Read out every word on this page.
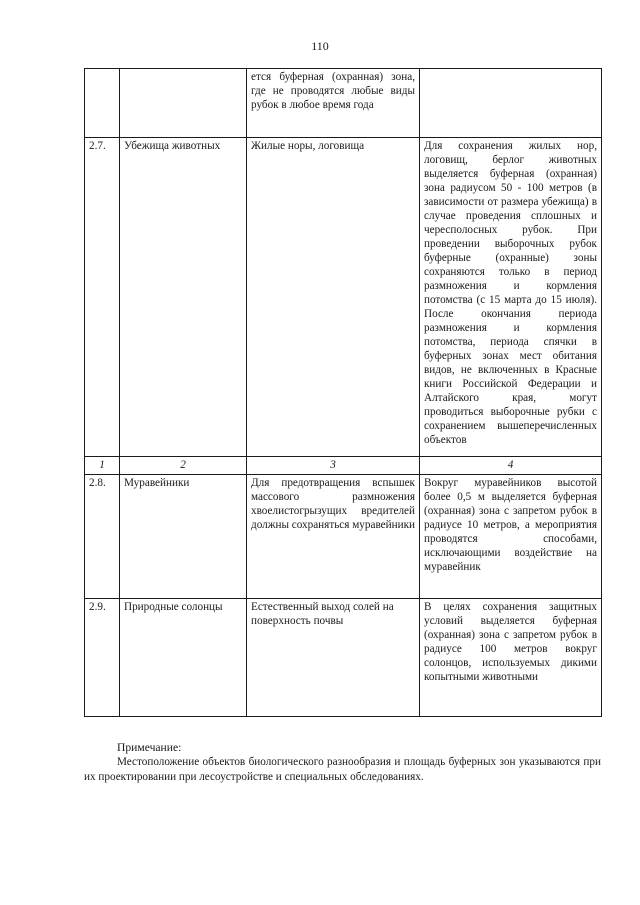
110
		ется буферная (охранная) зона, где не проводятся любые виды рубок в любое время года	
2.7.	Убежища животных	Жилые норы, логовища	Для сохранения жилых нор, логовищ, берлог животных выделяется буферная (охранная) зона радиусом 50 - 100 метров (в зависимости от размера убежища) в случае проведения сплошных и чересполосных рубок. При проведении выборочных рубок буферные (охранные) зоны сохраняются только в период размножения и кормления потомства (с 15 марта до 15 июля). После окончания периода размножения и кормления потомства, периода спячки в буферных зонах мест обитания видов, не включенных в Красные книги Российской Федерации и Алтайского края, могут проводиться выборочные рубки с сохранением вышеперечисленных объектов
1	2	3	4
2.8.	Муравейники	Для предотвращения вспышек массового размножения хвоелистогрызущих вредителей должны сохраняться муравейники	Вокруг муравейников высотой более 0,5 м выделяется буферная (охранная) зона с запретом рубок в радиусе 10 метров, а мероприятия проводятся способами, исключающими воздействие на муравейник
2.9.	Природные солонцы	Естественный выход солей на поверхность почвы	В целях сохранения защитных условий выделяется буферная (охранная) зона с запретом рубок в радиусе 100 метров вокруг солонцов, используемых дикими копытными животными
Примечание:
Местоположение объектов биологического разнообразия и площадь буферных зон указываются при их проектировании при лесоустройстве и специальных обследованиях.
